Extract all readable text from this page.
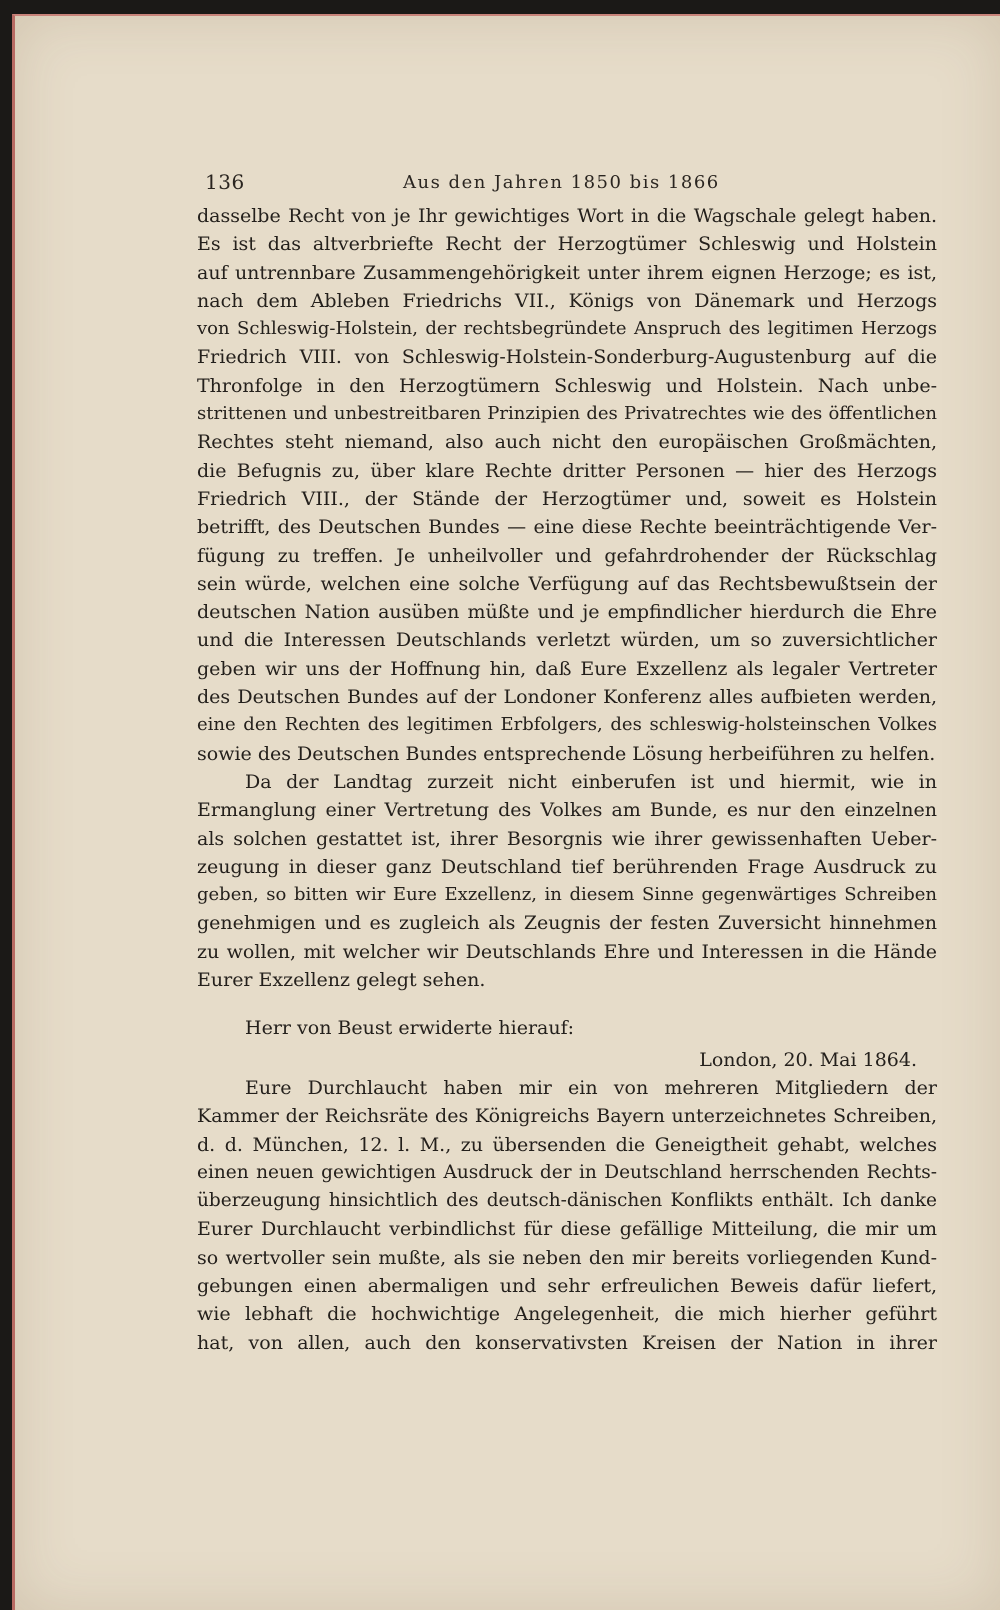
136	Aus den Jahren 1850 bis 1866
dasselbe Recht von je Ihr gewichtiges Wort in die Wagschale gelegt haben.
Es ist das altverbriefte Recht der Herzogtümer Schleswig und Holstein
auf untrennbare Zusammengehörigkeit unter ihrem eignen Herzoge; es ist,
nach dem Ableben Friedrichs VII., Königs von Dänemark und Herzogs
von Schleswig-Holstein, der rechtsbegründete Anspruch des legitimen Herzogs
Friedrich VIII. von Schleswig-Holstein-Sonderburg-Augustenburg auf die
Thronfolge in den Herzogtümern Schleswig und Holstein. Nach unbe-
strittenen und unbestreitbaren Prinzipien des Privatrechtes wie des öffentlichen
Rechtes steht niemand, also auch nicht den europäischen Großmächten,
die Befugnis zu, über klare Rechte dritter Personen — hier des Herzogs
Friedrich VIII., der Stände der Herzogtümer und, soweit es Holstein
betrifft, des Deutschen Bundes — eine diese Rechte beeinträchtigende Ver-
fügung zu treffen. Je unheilvoller und gefahrdrohender der Rückschlag
sein würde, welchen eine solche Verfügung auf das Rechtsbewußtsein der
deutschen Nation ausüben müßte und je empfindlicher hierdurch die Ehre
und die Interessen Deutschlands verletzt würden, um so zuversichtlicher
geben wir uns der Hoffnung hin, daß Eure Exzellenz als legaler Vertreter
des Deutschen Bundes auf der Londoner Konferenz alles aufbieten werden,
eine den Rechten des legitimen Erbfolgers, des schleswig-holsteinschen Volkes
sowie des Deutschen Bundes entsprechende Lösung herbeiführen zu helfen.
Da der Landtag zurzeit nicht einberufen ist und hiermit, wie in
Ermanglung einer Vertretung des Volkes am Bunde, es nur den einzelnen
als solchen gestattet ist, ihrer Besorgnis wie ihrer gewissenhaften Ueber-
zeugung in dieser ganz Deutschland tief berührenden Frage Ausdruck zu
geben, so bitten wir Eure Exzellenz, in diesem Sinne gegenwärtiges Schreiben
genehmigen und es zugleich als Zeugnis der festen Zuversicht hinnehmen
zu wollen, mit welcher wir Deutschlands Ehre und Interessen in die Hände
Eurer Exzellenz gelegt sehen.
Herr von Beust erwiderte hierauf:
London, 20. Mai 1864.
Eure Durchlaucht haben mir ein von mehreren Mitgliedern der
Kammer der Reichsräte des Königreichs Bayern unterzeichnetes Schreiben,
d. d. München, 12. l. M., zu übersenden die Geneigtheit gehabt, welches
einen neuen gewichtigen Ausdruck der in Deutschland herrschenden Rechts-
überzeugung hinsichtlich des deutsch-dänischen Konflikts enthält. Ich danke
Eurer Durchlaucht verbindlichst für diese gefällige Mitteilung, die mir um
so wertvoller sein mußte, als sie neben den mir bereits vorliegenden Kund-
gebungen einen abermaligen und sehr erfreulichen Beweis dafür liefert,
wie lebhaft die hochwichtige Angelegenheit, die mich hierher geführt
hat, von allen, auch den konservativsten Kreisen der Nation in ihrer
